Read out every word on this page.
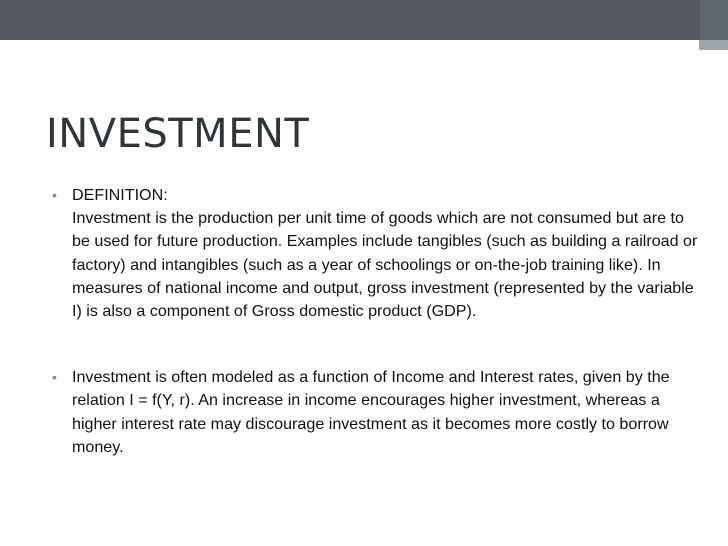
INVESTMENT
• DEFINITION:

Investment is the production per unit time of goods which are not consumed but are to be used for future production. Examples include tangibles (such as building a railroad or factory) and intangibles (such as a year of schoolings or on-the-job training like). In measures of national income and output, gross investment (represented by the variable I) is also a component of Gross domestic product (GDP).

• Investment is often modeled as a function of Income and Interest rates, given by the relation I = f(Y, r). An increase in income encourages higher investment, whereas a higher interest rate may discourage investment as it becomes more costly to borrow money.
